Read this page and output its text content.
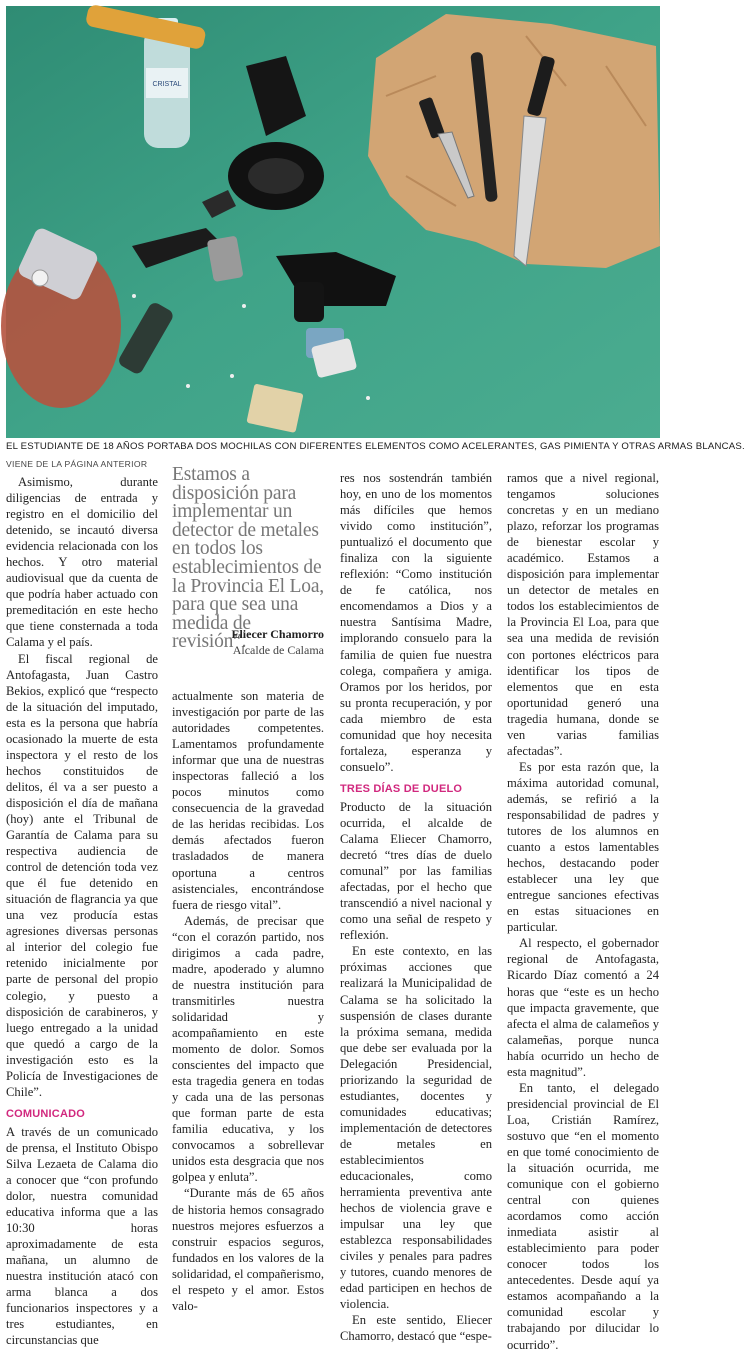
CRISTAL
EL ESTUDIANTE DE 18 AÑOS PORTABA DOS MOCHILAS CON DIFERENTES ELEMENTOS COMO ACELERANTES, GAS PIMIENTA Y OTRAS ARMAS BLANCAS.
VIENE DE LA PÁGINA ANTERIOR

Asimismo, durante diligencias de entrada y registro en el domicilio del detenido, se incautó diversa evidencia relacionada con los hechos. Y otro material audiovisual que da cuenta de que podría haber actuado con premeditación en este hecho que tiene consternada a toda Calama y el país.

El fiscal regional de Antofagasta, Juan Castro Bekios, explicó que “respecto de la situación del imputado, esta es la persona que habría ocasionado la muerte de esta inspectora y el resto de los hechos constituidos de delitos, él va a ser puesto a disposición el día de mañana (hoy) ante el Tribunal de Garantía de Calama para su respectiva audiencia de control de detención toda vez que él fue detenido en situación de flagrancia ya que una vez producía estas agresiones diversas personas al interior del colegio fue retenido inicialmente por parte de personal del propio colegio, y puesto a disposición de carabineros, y luego entregado a la unidad que quedó a cargo de la investigación esto es la Policía de Investigaciones de Chile”.

COMUNICADO

A través de un comunicado de prensa, el Instituto Obispo Silva Lezaeta de Calama dio a conocer que “con profundo dolor, nuestra comunidad educativa informa que a las 10:30 horas aproximadamente de esta mañana, un alumno de nuestra institución atacó con arma blanca a dos funcionarios inspectores y a tres estudiantes, en circunstancias que

Estamos a disposición para implementar un detector de metales en todos los establecimientos de la Provincia El Loa, para que sea una medida de revisión”.
Eliecer Chamorro
Alcalde de Calama

actualmente son materia de investigación por parte de las autoridades competentes. Lamentamos profundamente informar que una de nuestras inspectoras falleció a los pocos minutos como consecuencia de la gravedad de las heridas recibidas. Los demás afectados fueron trasladados de manera oportuna a centros asistenciales, encontrándose fuera de riesgo vital”.

Además, de precisar que “con el corazón partido, nos dirigimos a cada padre, madre, apoderado y alumno de nuestra institución para transmitirles nuestra solidaridad y acompañamiento en este momento de dolor. Somos conscientes del impacto que esta tragedia genera en todas y cada una de las personas que forman parte de esta familia educativa, y los convocamos a sobrellevar unidos esta desgracia que nos golpea y enluta”.

“Durante más de 65 años de historia hemos consagrado nuestros mejores esfuerzos a construir espacios seguros, fundados en los valores de la solidaridad, el compañerismo, el respeto y el amor. Estos valo-

res nos sostendrán también hoy, en uno de los momentos más difíciles que hemos vivido como institución”, puntualizó el documento que finaliza con la siguiente reflexión: “Como institución de fe católica, nos encomendamos a Dios y a nuestra Santísima Madre, implorando consuelo para la familia de quien fue nuestra colega, compañera y amiga. Oramos por los heridos, por su pronta recuperación, y por cada miembro de esta comunidad que hoy necesita fortaleza, esperanza y consuelo”.

TRES DÍAS DE DUELO

Producto de la situación ocurrida, el alcalde de Calama Eliecer Chamorro, decretó “tres días de duelo comunal” por las familias afectadas, por el hecho que transcendió a nivel nacional y como una señal de respeto y reflexión.

En este contexto, en las próximas acciones que realizará la Municipalidad de Calama se ha solicitado la suspensión de clases durante la próxima semana, medida que debe ser evaluada por la Delegación Presidencial, priorizando la seguridad de estudiantes, docentes y comunidades educativas; implementación de detectores de metales en establecimientos educacionales, como herramienta preventiva ante hechos de violencia grave e impulsar una ley que establezca responsabilidades civiles y penales para padres y tutores, cuando menores de edad participen en hechos de violencia.

En este sentido, Eliecer Chamorro, destacó que “espe-

ramos que a nivel regional, tengamos soluciones concretas y en un mediano plazo, reforzar los programas de bienestar escolar y académico. Estamos a disposición para implementar un detector de metales en todos los establecimientos de la Provincia El Loa, para que sea una medida de revisión con portones eléctricos para identificar los tipos de elementos que en esta oportunidad generó una tragedia humana, donde se ven varias familias afectadas”.

Es por esta razón que, la máxima autoridad comunal, además, se refirió a la responsabilidad de padres y tutores de los alumnos en cuanto a estos lamentables hechos, destacando poder establecer una ley que entregue sanciones efectivas en estas situaciones en particular.

Al respecto, el gobernador regional de Antofagasta, Ricardo Díaz comentó a 24 horas que “este es un hecho que impacta gravemente, que afecta el alma de calameños y calameñas, porque nunca había ocurrido un hecho de esta magnitud”.

En tanto, el delegado presidencial provincial de El Loa, Cristián Ramírez, sostuvo que “en el momento en que tomé conocimiento de la situación ocurrida, me comunique con el gobierno central con quienes acordamos como acción inmediata asistir al establecimiento para poder conocer todos los antecedentes. Desde aquí ya estamos acompañando a la comunidad escolar y trabajando por dilucidar lo ocurrido”.
